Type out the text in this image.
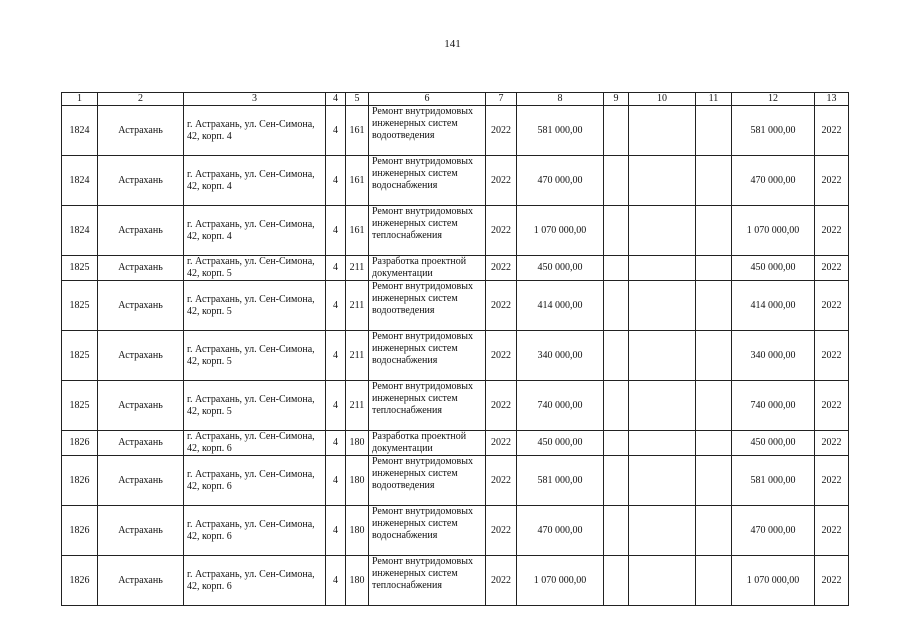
141
1	2	3	4	5	6	7	8	9	10	11	12	13
1824	Астрахань	г. Астрахань, ул. Сен-Симона, 42, корп. 4	4	161	Ремонт внутридомовых инженерных систем водоотведения	2022	581 000,00				581 000,00	2022
1824	Астрахань	г. Астрахань, ул. Сен-Симона, 42, корп. 4	4	161	Ремонт внутридомовых инженерных систем водоснабжения	2022	470 000,00				470 000,00	2022
1824	Астрахань	г. Астрахань, ул. Сен-Симона, 42, корп. 4	4	161	Ремонт внутридомовых инженерных систем теплоснабжения	2022	1 070 000,00				1 070 000,00	2022
1825	Астрахань	г. Астрахань, ул. Сен-Симона, 42, корп. 5	4	211	Разработка проектной документации	2022	450 000,00				450 000,00	2022
1825	Астрахань	г. Астрахань, ул. Сен-Симона, 42, корп. 5	4	211	Ремонт внутридомовых инженерных систем водоотведения	2022	414 000,00				414 000,00	2022
1825	Астрахань	г. Астрахань, ул. Сен-Симона, 42, корп. 5	4	211	Ремонт внутридомовых инженерных систем водоснабжения	2022	340 000,00				340 000,00	2022
1825	Астрахань	г. Астрахань, ул. Сен-Симона, 42, корп. 5	4	211	Ремонт внутридомовых инженерных систем теплоснабжения	2022	740 000,00				740 000,00	2022
1826	Астрахань	г. Астрахань, ул. Сен-Симона, 42, корп. 6	4	180	Разработка проектной документации	2022	450 000,00				450 000,00	2022
1826	Астрахань	г. Астрахань, ул. Сен-Симона, 42, корп. 6	4	180	Ремонт внутридомовых инженерных систем водоотведения	2022	581 000,00				581 000,00	2022
1826	Астрахань	г. Астрахань, ул. Сен-Симона, 42, корп. 6	4	180	Ремонт внутридомовых инженерных систем водоснабжения	2022	470 000,00				470 000,00	2022
1826	Астрахань	г. Астрахань, ул. Сен-Симона, 42, корп. 6	4	180	Ремонт внутридомовых инженерных систем теплоснабжения	2022	1 070 000,00				1 070 000,00	2022
